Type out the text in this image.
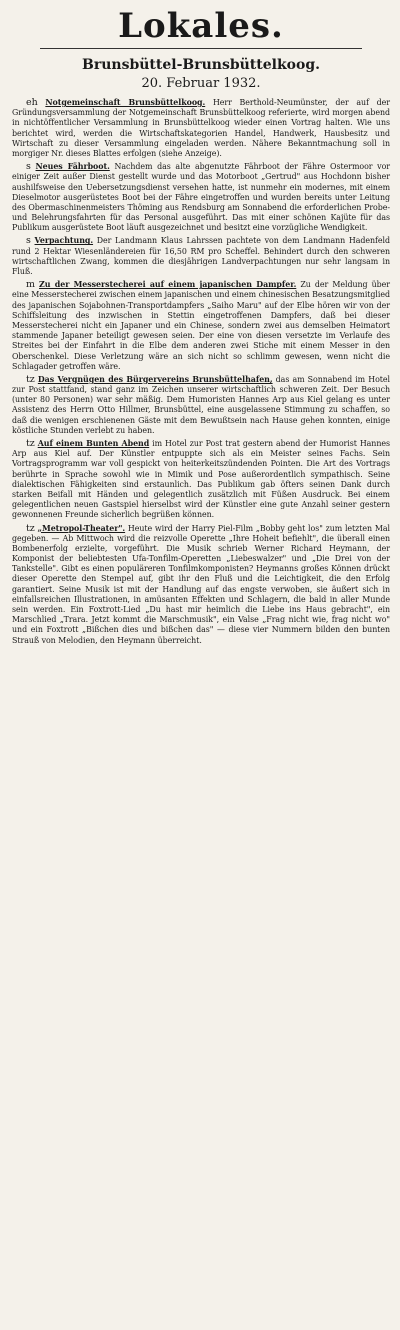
Lokales.
Brunsbüttel-Brunsbüttelkoog.
20. Februar 1932.

eh Notgemeinschaft Brunsbüttelkoog. Herr Berthold-Neumünster, der auf der Gründungsversammlung der Notgemeinschaft Brunsbüttelkoog referierte, wird morgen abend in nichtöffentlicher Versammlung in Brunsbüttelkoog wieder einen Vortrag halten. Wie uns berichtet wird, werden die Wirtschaftskategorien Handel, Handwerk, Hausbesitz und Wirtschaft zu dieser Versammlung eingeladen werden. Nähere Bekanntmachung soll in morgiger Nr. dieses Blattes erfolgen (siehe Anzeige).

s Neues Fährboot. Nachdem das alte abgenutzte Fährboot der Fähre Ostermoor vor einiger Zeit außer Dienst gestellt wurde und das Motorboot „Gertrud" aus Hochdonn bisher aushilfsweise den Uebersetzungsdienst versehen hatte, ist nunmehr ein modernes, mit einem Dieselmotor ausgerüstetes Boot bei der Fähre eingetroffen und wurden bereits unter Leitung des Obermaschinenmeisters Thöming aus Rendsburg am Sonnabend die erforderlichen Probe- und Belehrungsfahrten für das Personal ausgeführt. Das mit einer schönen Kajüte für das Publikum ausgerüstete Boot läuft ausgezeichnet und besitzt eine vorzügliche Wendigkeit.

s Verpachtung. Der Landmann Klaus Lahrssen pachtete von dem Landmann Hadenfeld rund 2 Hektar Wiesenländereien für 16,50 RM pro Scheffel. Behindert durch den schweren wirtschaftlichen Zwang, kommen die diesjährigen Landverpachtungen nur sehr langsam in Fluß.

m Zu der Messerstecherei auf einem japanischen Dampfer. Zu der Meldung über eine Messerstecherei zwischen einem japanischen und einem chinesischen Besatzungsmitglied des japanischen Sojabohnen-Transportdampfers „Saiho Maru" auf der Elbe hören wir von der Schiffsleitung des inzwischen in Stettin eingetroffenen Dampfers, daß bei dieser Messerstecherei nicht ein Japaner und ein Chinese, sondern zwei aus demselben Heimatort stammende Japaner beteiligt gewesen seien. Der eine von diesen versetzte im Verlaufe des Streites bei der Einfahrt in die Elbe dem anderen zwei Stiche mit einem Messer in den Oberschenkel. Diese Verletzung wäre an sich nicht so schlimm gewesen, wenn nicht die Schlagader getroffen wäre.

tz Das Vergnügen des Bürgervereins Brunsbüttelhafen, das am Sonnabend im Hotel zur Post stattfand, stand ganz im Zeichen unserer wirtschaftlich schweren Zeit. Der Besuch (unter 80 Personen) war sehr mäßig. Dem Humoristen Hannes Arp aus Kiel gelang es unter Assistenz des Herrn Otto Hillmer, Brunsbüttel, eine ausgelassene Stimmung zu schaffen, so daß die wenigen erschienenen Gäste mit dem Bewußtsein nach Hause gehen konnten, einige köstliche Stunden verlebt zu haben.

tz Auf einem Bunten Abend im Hotel zur Post trat gestern abend der Humorist Hannes Arp aus Kiel auf. Der Künstler entpuppte sich als ein Meister seines Fachs. Sein Vortragsprogramm war voll gespickt von heiterkeitszündenden Pointen. Die Art des Vortrags berührte in Sprache sowohl wie in Mimik und Pose außerordentlich sympathisch. Seine dialektischen Fähigkeiten sind erstaunlich. Das Publikum gab öfters seinen Dank durch starken Beifall mit Händen und gelegentlich zusätzlich mit Füßen Ausdruck. Bei einem gelegentlichen neuen Gastspiel hierselbst wird der Künstler eine gute Anzahl seiner gestern gewonnenen Freunde sicherlich begrüßen können.

tz „Metropol-Theater". Heute wird der Harry Piel-Film „Bobby geht los" zum letzten Mal gegeben. — Ab Mittwoch wird die reizvolle Operette „Ihre Hoheit befiehlt", die überall einen Bombenerfolg erzielte, vorgeführt. Die Musik schrieb Werner Richard Heymann, der Komponist der beliebtesten Ufa-Tonfilm-Operetten „Liebeswalzer" und „Die Drei von der Tankstelle". Gibt es einen populäreren Tonfilmkomponisten? Heymanns großes Können drückt dieser Operette den Stempel auf, gibt ihr den Fluß und die Leichtigkeit, die den Erfolg garantiert. Seine Musik ist mit der Handlung auf das engste verwoben, sie äußert sich in einfallsreichen Illustrationen, in amüsanten Effekten und Schlagern, die bald in aller Munde sein werden. Ein Foxtrott-Lied „Du hast mir heimlich die Liebe ins Haus gebracht", ein Marschlied „Trara. Jetzt kommt die Marschmusik", ein Valse „Frag nicht wie, frag nicht wo" und ein Foxtrott „Bißchen dies und bißchen das" — diese vier Nummern bilden den bunten Strauß von Melodien, den Heymann überreicht.
